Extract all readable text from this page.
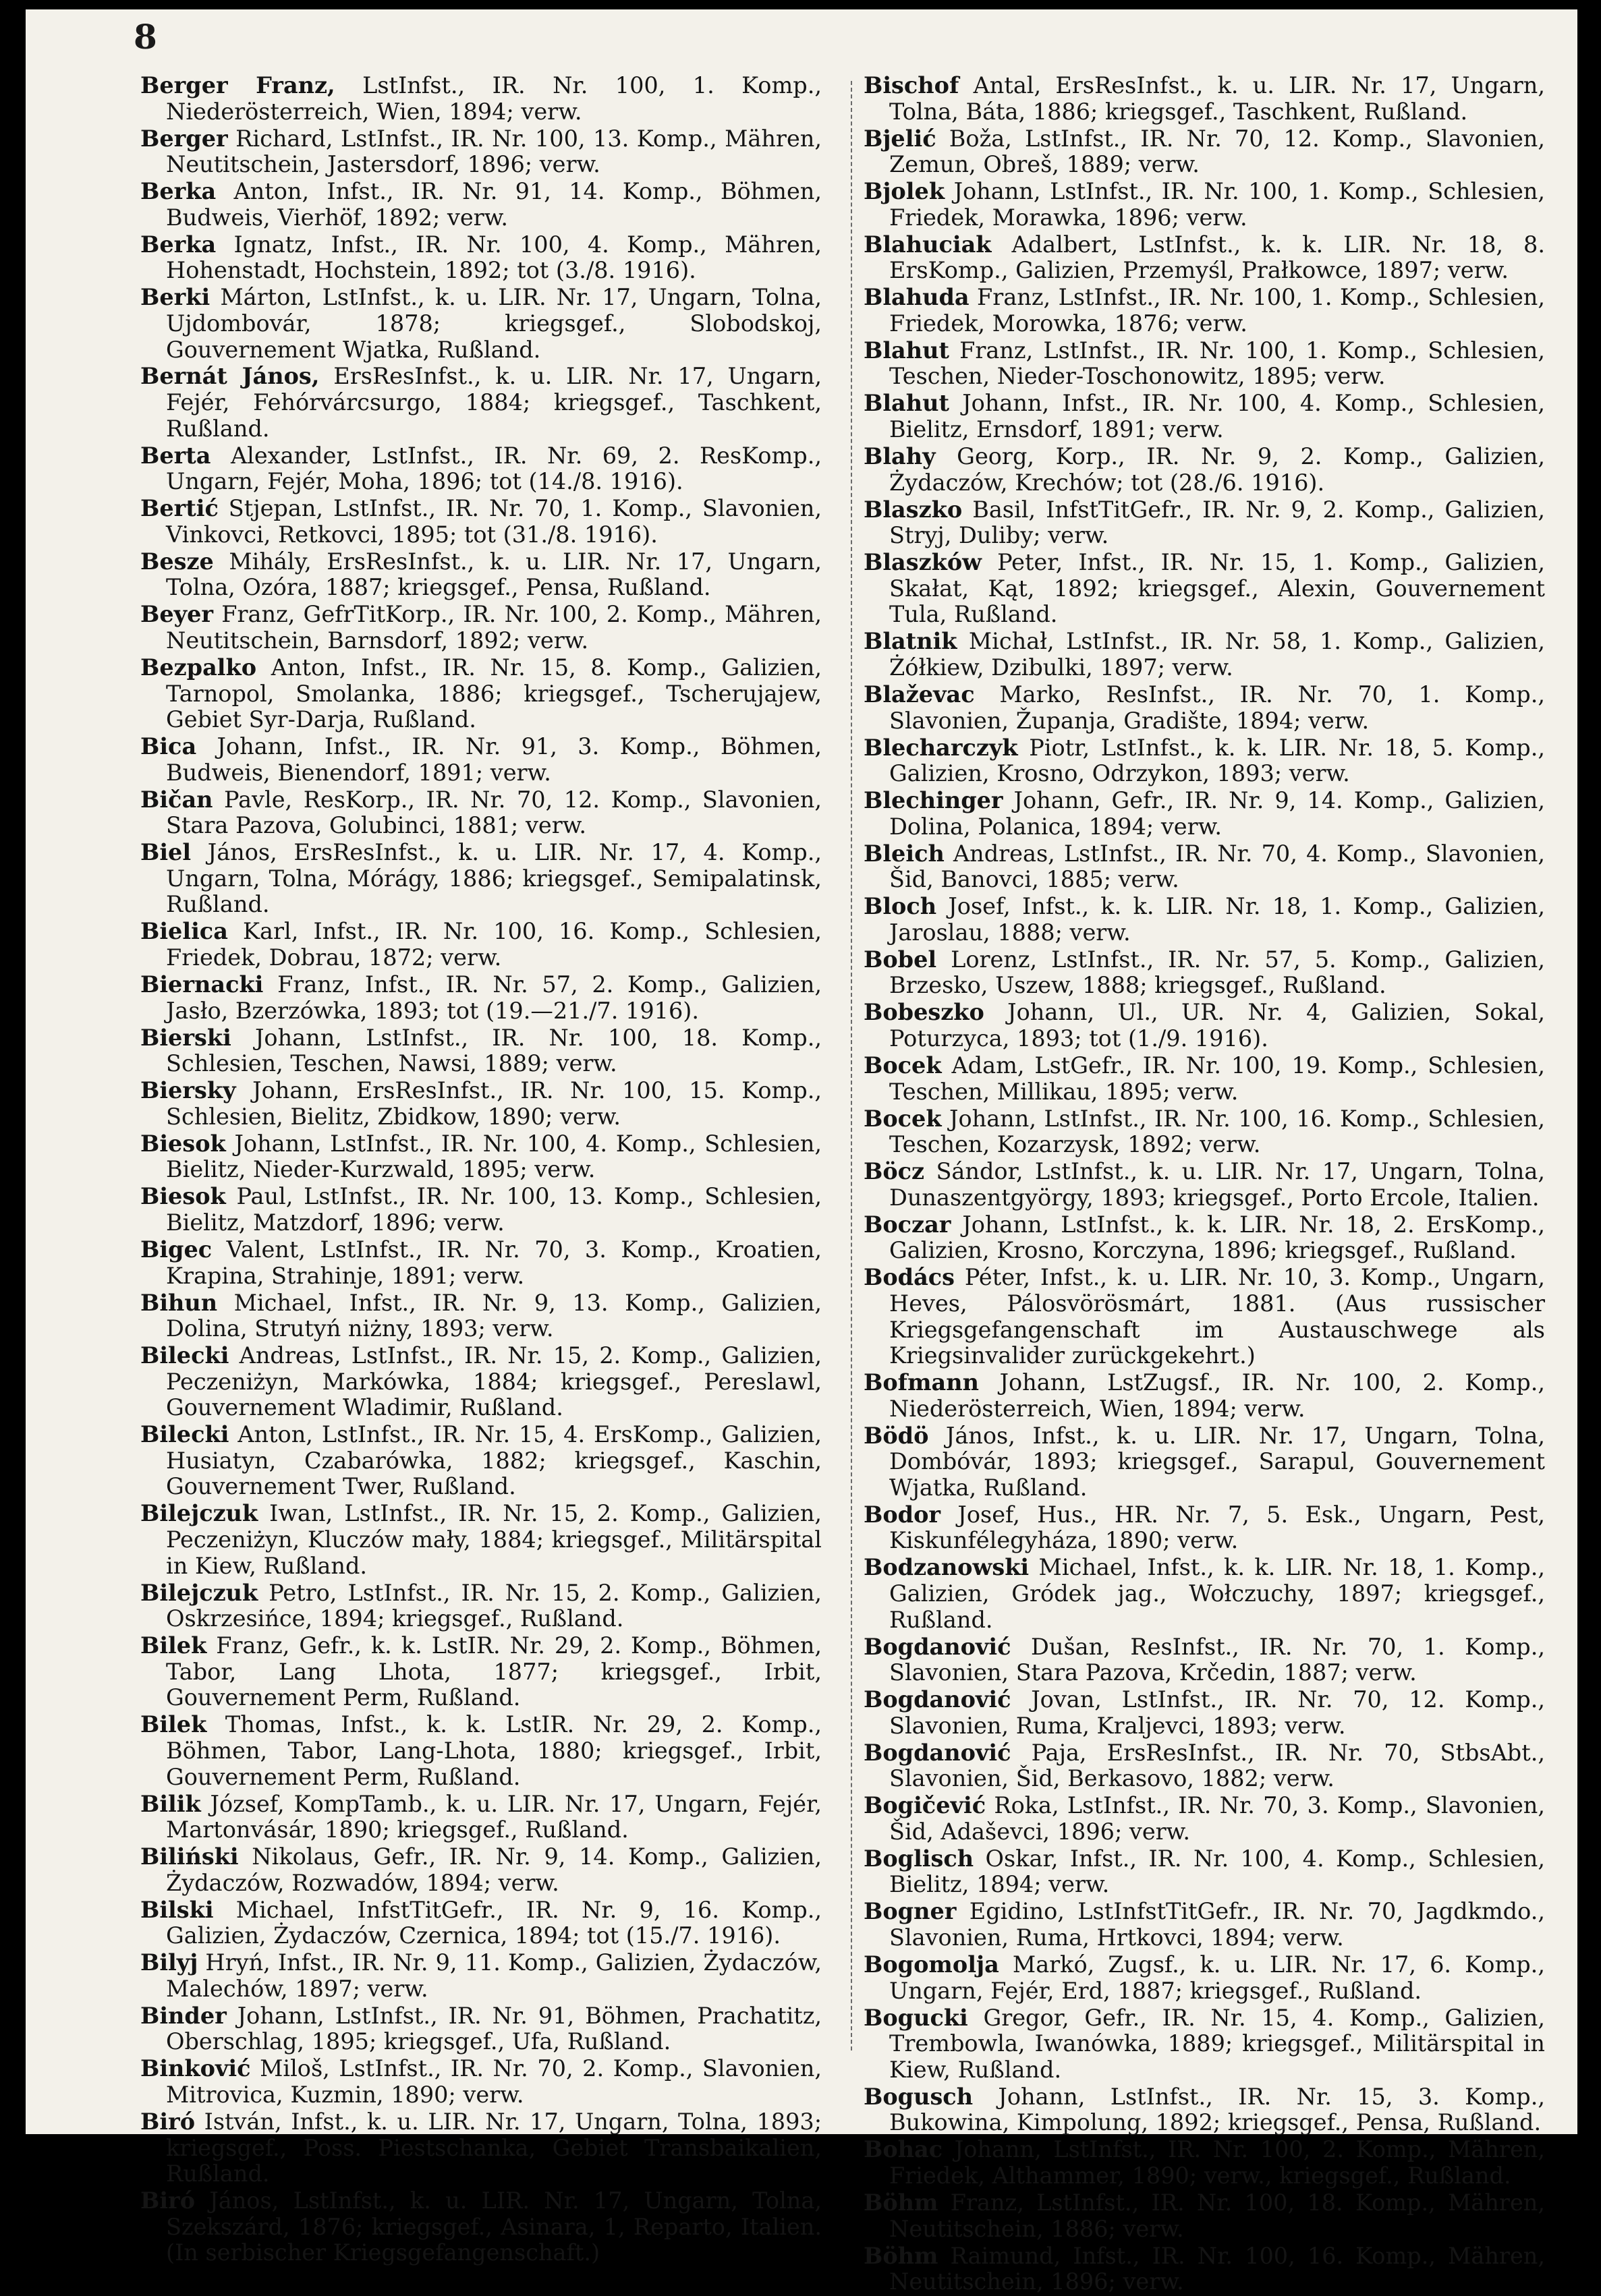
8

Berger Franz, LstInfst., IR. Nr. 100, 1. Komp., Niederösterreich, Wien, 1894; verw.

Berger Richard, LstInfst., IR. Nr. 100, 13. Komp., Mähren, Neutitschein, Jastersdorf, 1896; verw.

Berka Anton, Infst., IR. Nr. 91, 14. Komp., Böhmen, Budweis, Vierhöf, 1892; verw.

Berka Ignatz, Infst., IR. Nr. 100, 4. Komp., Mähren, Hohenstadt, Hochstein, 1892; tot (3./8. 1916).

Berki Márton, LstInfst., k. u. LIR. Nr. 17, Ungarn, Tolna, Ujdombovár, 1878; kriegsgef., Slobodskoj, Gouvernement Wjatka, Rußland.

Bernát János, ErsResInfst., k. u. LIR. Nr. 17, Ungarn, Fejér, Fehórvárcsurgo, 1884; kriegsgef., Taschkent, Rußland.

Berta Alexander, LstInfst., IR. Nr. 69, 2. ResKomp., Ungarn, Fejér, Moha, 1896; tot (14./8. 1916).

Bertić Stjepan, LstInfst., IR. Nr. 70, 1. Komp., Slavonien, Vinkovci, Retkovci, 1895; tot (31./8. 1916).

Besze Mihály, ErsResInfst., k. u. LIR. Nr. 17, Ungarn, Tolna, Ozóra, 1887; kriegsgef., Pensa, Rußland.

Beyer Franz, GefrTitKorp., IR. Nr. 100, 2. Komp., Mähren, Neutitschein, Barnsdorf, 1892; verw.

Bezpalko Anton, Infst., IR. Nr. 15, 8. Komp., Galizien, Tarnopol, Smolanka, 1886; kriegsgef., Tscherujajew, Gebiet Syr-Darja, Rußland.

Bica Johann, Infst., IR. Nr. 91, 3. Komp., Böhmen, Budweis, Bienendorf, 1891; verw.

Bičan Pavle, ResKorp., IR. Nr. 70, 12. Komp., Slavonien, Stara Pazova, Golubinci, 1881; verw.

Biel János, ErsResInfst., k. u. LIR. Nr. 17, 4. Komp., Ungarn, Tolna, Mórágy, 1886; kriegsgef., Semipalatinsk, Rußland.

Bielica Karl, Infst., IR. Nr. 100, 16. Komp., Schlesien, Friedek, Dobrau, 1872; verw.

Biernacki Franz, Infst., IR. Nr. 57, 2. Komp., Galizien, Jasło, Bzerzówka, 1893; tot (19.—21./7. 1916).

Bierski Johann, LstInfst., IR. Nr. 100, 18. Komp., Schlesien, Teschen, Nawsi, 1889; verw.

Biersky Johann, ErsResInfst., IR. Nr. 100, 15. Komp., Schlesien, Bielitz, Zbidkow, 1890; verw.

Biesok Johann, LstInfst., IR. Nr. 100, 4. Komp., Schlesien, Bielitz, Nieder-Kurzwald, 1895; verw.

Biesok Paul, LstInfst., IR. Nr. 100, 13. Komp., Schlesien, Bielitz, Matzdorf, 1896; verw.

Bigec Valent, LstInfst., IR. Nr. 70, 3. Komp., Kroatien, Krapina, Strahinje, 1891; verw.

Bihun Michael, Infst., IR. Nr. 9, 13. Komp., Galizien, Dolina, Strutyń niżny, 1893; verw.

Bilecki Andreas, LstInfst., IR. Nr. 15, 2. Komp., Galizien, Peczeniżyn, Markówka, 1884; kriegsgef., Pereslawl, Gouvernement Wladimir, Rußland.

Bilecki Anton, LstInfst., IR. Nr. 15, 4. ErsKomp., Galizien, Husiatyn, Czabarówka, 1882; kriegsgef., Kaschin, Gouvernement Twer, Rußland.

Bilejczuk Iwan, LstInfst., IR. Nr. 15, 2. Komp., Galizien, Peczeniżyn, Kluczów mały, 1884; kriegsgef., Militärspital in Kiew, Rußland.

Bilejczuk Petro, LstInfst., IR. Nr. 15, 2. Komp., Galizien, Oskrzesińce, 1894; kriegsgef., Rußland.

Bilek Franz, Gefr., k. k. LstIR. Nr. 29, 2. Komp., Böhmen, Tabor, Lang Lhota, 1877; kriegsgef., Irbit, Gouvernement Perm, Rußland.

Bilek Thomas, Infst., k. k. LstIR. Nr. 29, 2. Komp., Böhmen, Tabor, Lang-Lhota, 1880; kriegsgef., Irbit, Gouvernement Perm, Rußland.

Bilik József, KompTamb., k. u. LIR. Nr. 17, Ungarn, Fejér, Martonvásár, 1890; kriegsgef., Rußland.

Biliński Nikolaus, Gefr., IR. Nr. 9, 14. Komp., Galizien, Żydaczów, Rozwadów, 1894; verw.

Bilski Michael, InfstTitGefr., IR. Nr. 9, 16. Komp., Galizien, Żydaczów, Czernica, 1894; tot (15./7. 1916).

Bilyj Hryń, Infst., IR. Nr. 9, 11. Komp., Galizien, Żydaczów, Malechów, 1897; verw.

Binder Johann, LstInfst., IR. Nr. 91, Böhmen, Prachatitz, Oberschlag, 1895; kriegsgef., Ufa, Rußland.

Binković Miloš, LstInfst., IR. Nr. 70, 2. Komp., Slavonien, Mitrovica, Kuzmin, 1890; verw.

Biró István, Infst., k. u. LIR. Nr. 17, Ungarn, Tolna, 1893; kriegsgef., Poss. Piestschanka, Gebiet Transbaikalien, Rußland.

Biró János, LstInfst., k. u. LIR. Nr. 17, Ungarn, Tolna, Szekszárd, 1876; kriegsgef., Asinara, 1, Reparto, Italien. (In serbischer Kriegsgefangenschaft.)

Bischof Antal, ErsResInfst., k. u. LIR. Nr. 17, Ungarn, Tolna, Báta, 1886; kriegsgef., Taschkent, Rußland.

Bjelić Boža, LstInfst., IR. Nr. 70, 12. Komp., Slavonien, Zemun, Obreš, 1889; verw.

Bjolek Johann, LstInfst., IR. Nr. 100, 1. Komp., Schlesien, Friedek, Morawka, 1896; verw.

Blahuciak Adalbert, LstInfst., k. k. LIR. Nr. 18, 8. ErsKomp., Galizien, Przemyśl, Prałkowce, 1897; verw.

Blahuda Franz, LstInfst., IR. Nr. 100, 1. Komp., Schlesien, Friedek, Morowka, 1876; verw.

Blahut Franz, LstInfst., IR. Nr. 100, 1. Komp., Schlesien, Teschen, Nieder-Toschonowitz, 1895; verw.

Blahut Johann, Infst., IR. Nr. 100, 4. Komp., Schlesien, Bielitz, Ernsdorf, 1891; verw.

Blahy Georg, Korp., IR. Nr. 9, 2. Komp., Galizien, Żydaczów, Krechów; tot (28./6. 1916).

Blaszko Basil, InfstTitGefr., IR. Nr. 9, 2. Komp., Galizien, Stryj, Duliby; verw.

Blaszków Peter, Infst., IR. Nr. 15, 1. Komp., Galizien, Skałat, Kąt, 1892; kriegsgef., Alexin, Gouvernement Tula, Rußland.

Blatnik Michał, LstInfst., IR. Nr. 58, 1. Komp., Galizien, Żółkiew, Dzibulki, 1897; verw.

Blaževac Marko, ResInfst., IR. Nr. 70, 1. Komp., Slavonien, Županja, Gradište, 1894; verw.

Blecharczyk Piotr, LstInfst., k. k. LIR. Nr. 18, 5. Komp., Galizien, Krosno, Odrzykon, 1893; verw.

Blechinger Johann, Gefr., IR. Nr. 9, 14. Komp., Galizien, Dolina, Polanica, 1894; verw.

Bleich Andreas, LstInfst., IR. Nr. 70, 4. Komp., Slavonien, Šid, Banovci, 1885; verw.

Bloch Josef, Infst., k. k. LIR. Nr. 18, 1. Komp., Galizien, Jaroslau, 1888; verw.

Bobel Lorenz, LstInfst., IR. Nr. 57, 5. Komp., Galizien, Brzesko, Uszew, 1888; kriegsgef., Rußland.

Bobeszko Johann, Ul., UR. Nr. 4, Galizien, Sokal, Poturzyca, 1893; tot (1./9. 1916).

Bocek Adam, LstGefr., IR. Nr. 100, 19. Komp., Schlesien, Teschen, Millikau, 1895; verw.

Bocek Johann, LstInfst., IR. Nr. 100, 16. Komp., Schlesien, Teschen, Kozarzysk, 1892; verw.

Böcz Sándor, LstInfst., k. u. LIR. Nr. 17, Ungarn, Tolna, Dunaszentgyörgy, 1893; kriegsgef., Porto Ercole, Italien.

Boczar Johann, LstInfst., k. k. LIR. Nr. 18, 2. ErsKomp., Galizien, Krosno, Korczyna, 1896; kriegsgef., Rußland.

Bodács Péter, Infst., k. u. LIR. Nr. 10, 3. Komp., Ungarn, Heves, Pálosvörösmárt, 1881. (Aus russischer Kriegsgefangenschaft im Austauschwege als Kriegsinvalider zurückgekehrt.)

Bofmann Johann, LstZugsf., IR. Nr. 100, 2. Komp., Niederösterreich, Wien, 1894; verw.

Bödö János, Infst., k. u. LIR. Nr. 17, Ungarn, Tolna, Dombóvár, 1893; kriegsgef., Sarapul, Gouvernement Wjatka, Rußland.

Bodor Josef, Hus., HR. Nr. 7, 5. Esk., Ungarn, Pest, Kiskunfélegyháza, 1890; verw.

Bodzanowski Michael, Infst., k. k. LIR. Nr. 18, 1. Komp., Galizien, Gródek jag., Wołczuchy, 1897; kriegsgef., Rußland.

Bogdanović Dušan, ResInfst., IR. Nr. 70, 1. Komp., Slavonien, Stara Pazova, Krčedin, 1887; verw.

Bogdanović Jovan, LstInfst., IR. Nr. 70, 12. Komp., Slavonien, Ruma, Kraljevci, 1893; verw.

Bogdanović Paja, ErsResInfst., IR. Nr. 70, StbsAbt., Slavonien, Šid, Berkasovo, 1882; verw.

Bogičević Roka, LstInfst., IR. Nr. 70, 3. Komp., Slavonien, Šid, Adaševci, 1896; verw.

Boglisch Oskar, Infst., IR. Nr. 100, 4. Komp., Schlesien, Bielitz, 1894; verw.

Bogner Egidino, LstInfstTitGefr., IR. Nr. 70, Jagdkmdo., Slavonien, Ruma, Hrtkovci, 1894; verw.

Bogomolja Markó, Zugsf., k. u. LIR. Nr. 17, 6. Komp., Ungarn, Fejér, Erd, 1887; kriegsgef., Rußland.

Bogucki Gregor, Gefr., IR. Nr. 15, 4. Komp., Galizien, Trembowla, Iwanówka, 1889; kriegsgef., Militärspital in Kiew, Rußland.

Bogusch Johann, LstInfst., IR. Nr. 15, 3. Komp., Bukowina, Kimpolung, 1892; kriegsgef., Pensa, Rußland.

Bohac Johann, LstInfst., IR. Nr. 100, 2. Komp., Mähren, Friedek, Althammer, 1890; verw., kriegsgef., Rußland.

Böhm Franz, LstInfst., IR. Nr. 100, 18. Komp., Mähren, Neutitschein, 1886; verw.

Böhm Raimund, Infst., IR. Nr. 100, 16. Komp., Mähren, Neutitschein, 1896; verw.
